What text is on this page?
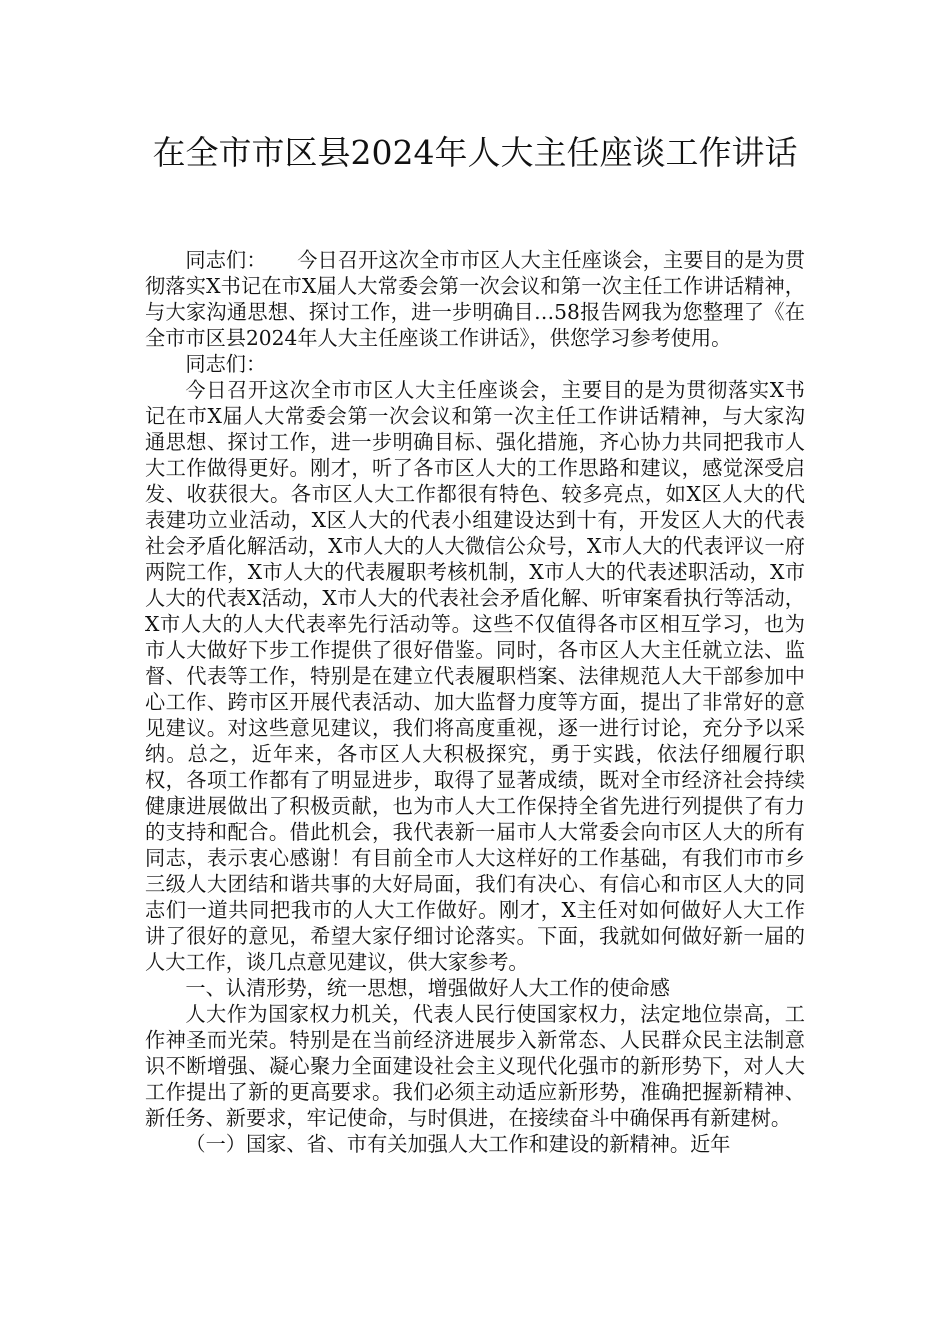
在全市市区县2024年人大主任座谈工作讲话

同志们：　　今日召开这次全市市区人大主任座谈会，主要目的是为贯彻落实X书记在市X届人大常委会第一次会议和第一次主任工作讲话精神，与大家沟通思想、探讨工作，进一步明确目…58报告网我为您整理了《在全市市区县2024年人大主任座谈工作讲话》，供您学习参考使用。

同志们：

今日召开这次全市市区人大主任座谈会，主要目的是为贯彻落实X书记在市X届人大常委会第一次会议和第一次主任工作讲话精神，与大家沟通思想、探讨工作，进一步明确目标、强化措施，齐心协力共同把我市人大工作做得更好。刚才，听了各市区人大的工作思路和建议，感觉深受启发、收获很大。各市区人大工作都很有特色、较多亮点，如X区人大的代表建功立业活动，X区人大的代表小组建设达到十有，开发区人大的代表社会矛盾化解活动，X市人大的人大微信公众号，X市人大的代表评议一府两院工作，X市人大的代表履职考核机制，X市人大的代表述职活动，X市人大的代表X活动，X市人大的代表社会矛盾化解、听审案看执行等活动，X市人大的人大代表率先行活动等。这些不仅值得各市区相互学习，也为市人大做好下步工作提供了很好借鉴。同时，各市区人大主任就立法、监督、代表等工作，特别是在建立代表履职档案、法律规范人大干部参加中心工作、跨市区开展代表活动、加大监督力度等方面，提出了非常好的意见建议。对这些意见建议，我们将高度重视，逐一进行讨论，充分予以采纳。总之，近年来，各市区人大积极探究，勇于实践，依法仔细履行职权，各项工作都有了明显进步，取得了显著成绩，既对全市经济社会持续健康进展做出了积极贡献，也为市人大工作保持全省先进行列提供了有力的支持和配合。借此机会，我代表新一届市人大常委会向市区人大的所有同志，表示衷心感谢！有目前全市人大这样好的工作基础，有我们市市乡三级人大团结和谐共事的大好局面，我们有决心、有信心和市区人大的同志们一道共同把我市的人大工作做好。刚才，X主任对如何做好人大工作讲了很好的意见，希望大家仔细讨论落实。下面，我就如何做好新一届的人大工作，谈几点意见建议，供大家参考。

一、认清形势，统一思想，增强做好人大工作的使命感

人大作为国家权力机关，代表人民行使国家权力，法定地位崇高，工作神圣而光荣。特别是在当前经济进展步入新常态、人民群众民主法制意识不断增强、凝心聚力全面建设社会主义现代化强市的新形势下，对人大工作提出了新的更高要求。我们必须主动适应新形势，准确把握新精神、新任务、新要求，牢记使命，与时俱进，在接续奋斗中确保再有新建树。

（一）国家、省、市有关加强人大工作和建设的新精神。近年
